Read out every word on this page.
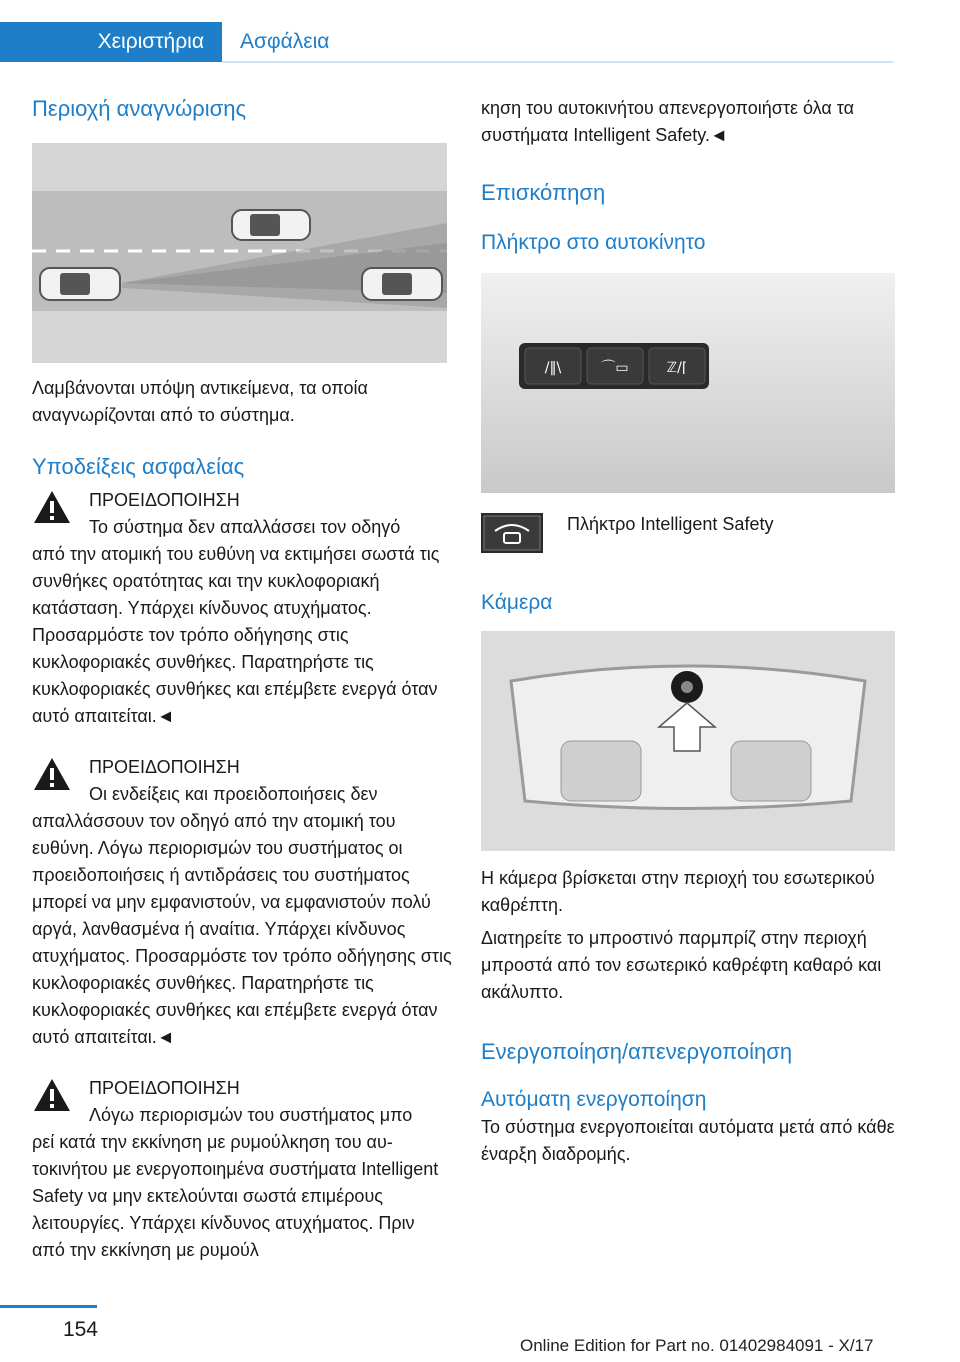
Χειριστήρια	Ασφάλεια
Περιοχή αναγνώρισης

Λαμβάνονται υπόψη αντικείμενα, τα οποία αναγνωρίζονται από το σύστημα.

Υποδείξεις ασφαλείας
ΠΡΟΕΙΔΟΠΟΙΗΣΗ
Το σύστημα δεν απαλλάσσει τον οδηγό
από την ατομική του ευθύνη να εκτιμήσει σωστά τις συνθήκες ορατότητας και την κυκλοφοριακή κατάσταση. Υπάρχει κίνδυνος ατυχήματος. Προσαρμόστε τον τρόπο οδήγησης στις κυκλοφοριακές συνθήκες. Παρατηρήστε τις κυκλοφοριακές συνθήκες και επέμβετε ενεργά όταν αυτό απαιτείται.◄
ΠΡΟΕΙΔΟΠΟΙΗΣΗ
Οι ενδείξεις και προειδοποιήσεις δεν
απαλλάσσουν τον οδηγό από την ατομική του ευθύνη. Λόγω περιορισμών του συστήματος οι προειδοποιήσεις ή αντιδράσεις του συστήματος μπορεί να μην εμφανιστούν, να εμφανιστούν πολύ αργά, λανθασμένα ή αναίτια. Υπάρχει κίνδυνος ατυχήματος. Προσαρμόστε τον τρόπο οδήγησης στις κυκλοφοριακές συνθήκες. Παρατηρήστε τις κυκλοφοριακές συνθήκες και επέμβετε ενεργά όταν αυτό απαιτείται.◄
ΠΡΟΕΙΔΟΠΟΙΗΣΗ
Λόγω περιορισμών του συστήματος μπο
ρεί κατά την εκκίνηση με ρυμούλκηση του αυτοκινήτου με ενεργοποιημένα συστήματα Intelligent Safety να μην εκτελούνται σωστά επιμέρους λειτουργίες. Υπάρχει κίνδυνος ατυχήματος. Πριν από την εκκίνηση με ρυμούλ

κηση του αυτοκινήτου απενεργοποιήστε όλα τα συστήματα Intelligent Safety.◄

Επισκόπηση
Πλήκτρο στο αυτοκίνητο
/‖\	⌒▭	ℤ/⌈

Πλήκτρο Intelligent Safety

Κάμερα

Η κάμερα βρίσκεται στην περιοχή του εσωτερικού καθρέπτη.

Διατηρείτε το μπροστινό παρμπρίζ στην περιοχή μπροστά από τον εσωτερικό καθρέφτη καθαρό και ακάλυπτο.

Ενεργοποίηση/απενεργοποίηση
Αυτόματη ενεργοποίηση

Το σύστημα ενεργοποιείται αυτόματα μετά από κάθε έναρξη διαδρομής.

154
Online Edition for Part no. 01402984091 - X/17
